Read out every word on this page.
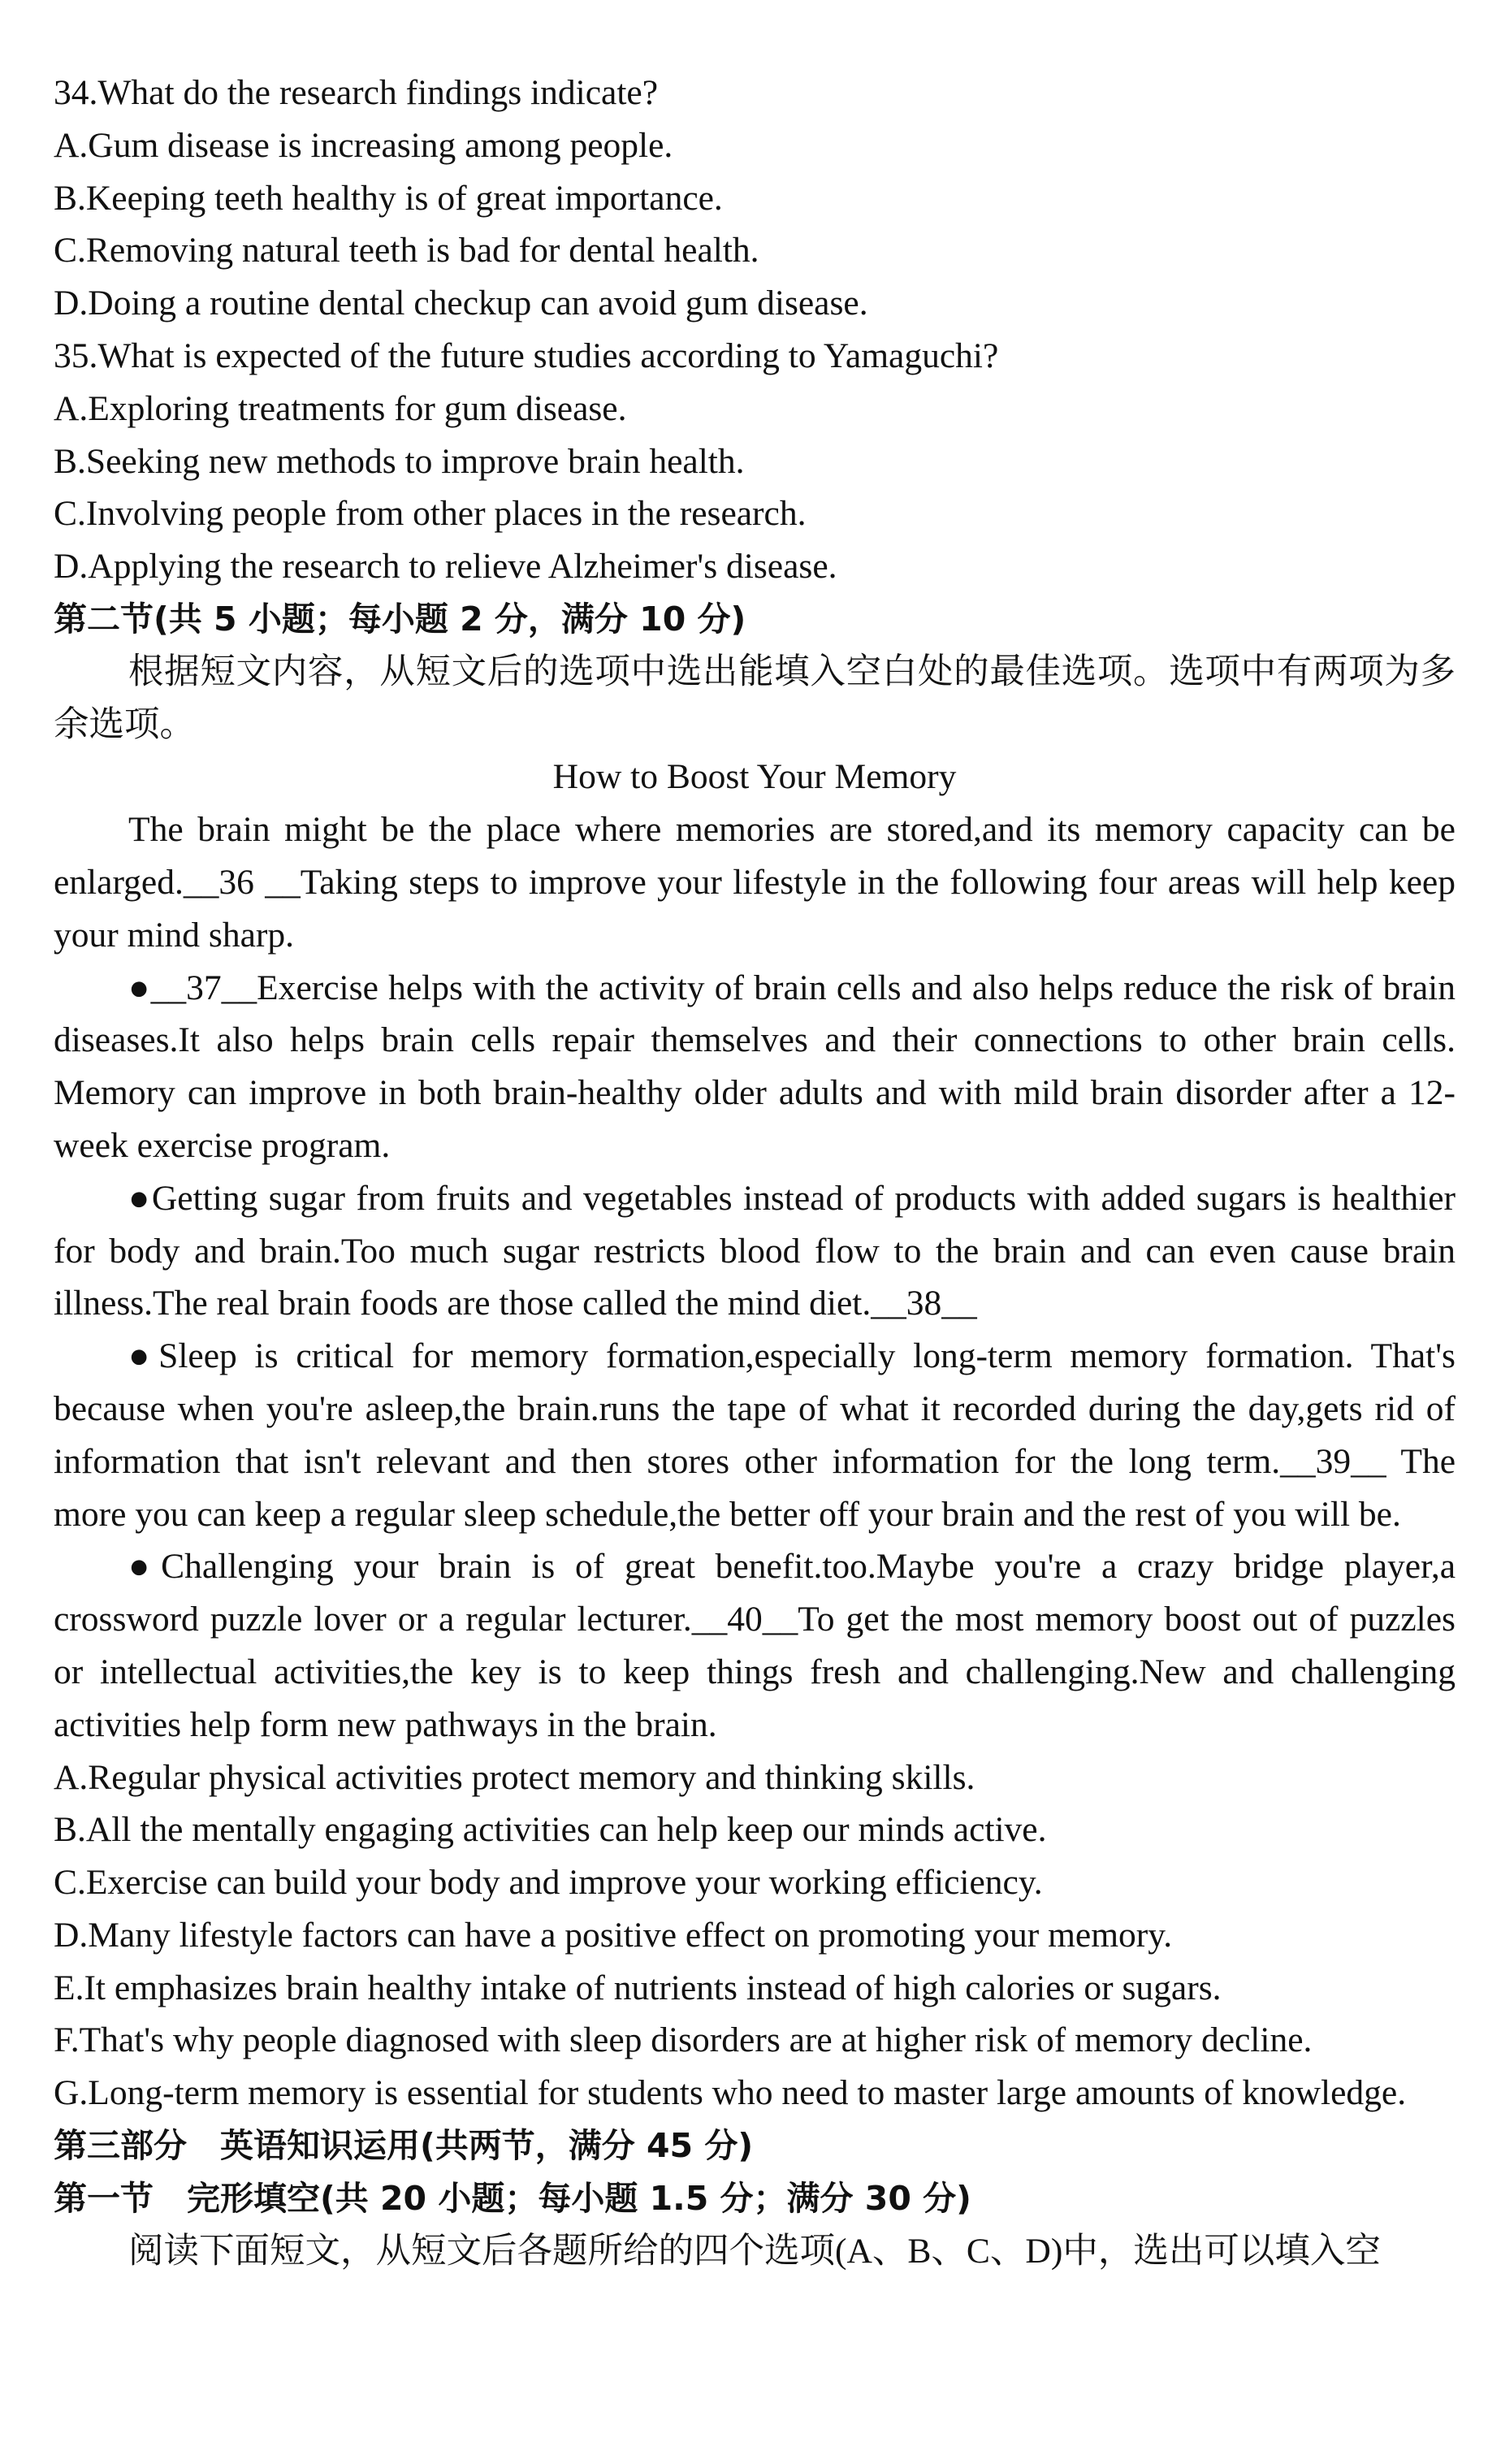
34.What do the research findings indicate?
A.Gum disease is increasing among people.
B.Keeping teeth healthy is of great importance.
C.Removing natural teeth is bad for dental health.
D.Doing a routine dental checkup can avoid gum disease.
35.What is expected of the future studies according to Yamaguchi?
A.Exploring treatments for gum disease.
B.Seeking new methods to improve brain health.
C.Involving people from other places in the research.
D.Applying the research to relieve Alzheimer's disease.
第二节(共 5 小题；每小题 2 分，满分 10 分)
根据短文内容，从短文后的选项中选出能填入空白处的最佳选项。选项中有两项为多余选项。
How to Boost Your Memory
The brain might be the place where memories are stored,and its memory capacity can be enlarged.__36 __Taking steps to improve your lifestyle in the following four areas will help keep your mind sharp.
●__37__Exercise helps with the activity of brain cells and also helps reduce the risk of brain diseases.It also helps brain cells repair themselves and their connections to other brain cells. Memory can improve in both brain-healthy older adults and with mild brain disorder after a 12-week exercise program.
●Getting sugar from fruits and vegetables instead of products with added sugars is healthier for body and brain.Too much sugar restricts blood flow to the brain and can even cause brain illness.The real brain foods are those called the mind diet.__38__
●Sleep is critical for memory formation,especially long-term memory formation. That's because when you're asleep,the brain.runs the tape of what it recorded during the day,gets rid of information that isn't relevant and then stores other information for the long term.__39__ The more you can keep a regular sleep schedule,the better off your brain and the rest of you will be.
●Challenging your brain is of great benefit.too.Maybe you're a crazy bridge player,a crossword puzzle lover or a regular lecturer.__40__To get the most memory boost out of puzzles or intellectual activities,the key is to keep things fresh and challenging.New and challenging activities help form new pathways in the brain.
A.Regular physical activities protect memory and thinking skills.
B.All the mentally engaging activities can help keep our minds active.
C.Exercise can build your body and improve your working efficiency.
D.Many lifestyle factors can have a positive effect on promoting your memory.
E.It emphasizes brain healthy intake of nutrients instead of high calories or sugars.
F.That's why people diagnosed with sleep disorders are at higher risk of memory decline.
G.Long-term memory is essential for students who need to master large amounts of knowledge.
第三部分　英语知识运用(共两节，满分 45 分)
第一节　完形填空(共 20 小题；每小题 1.5 分；满分 30 分)
阅读下面短文，从短文后各题所给的四个选项(A、B、C、D)中，选出可以填入空
